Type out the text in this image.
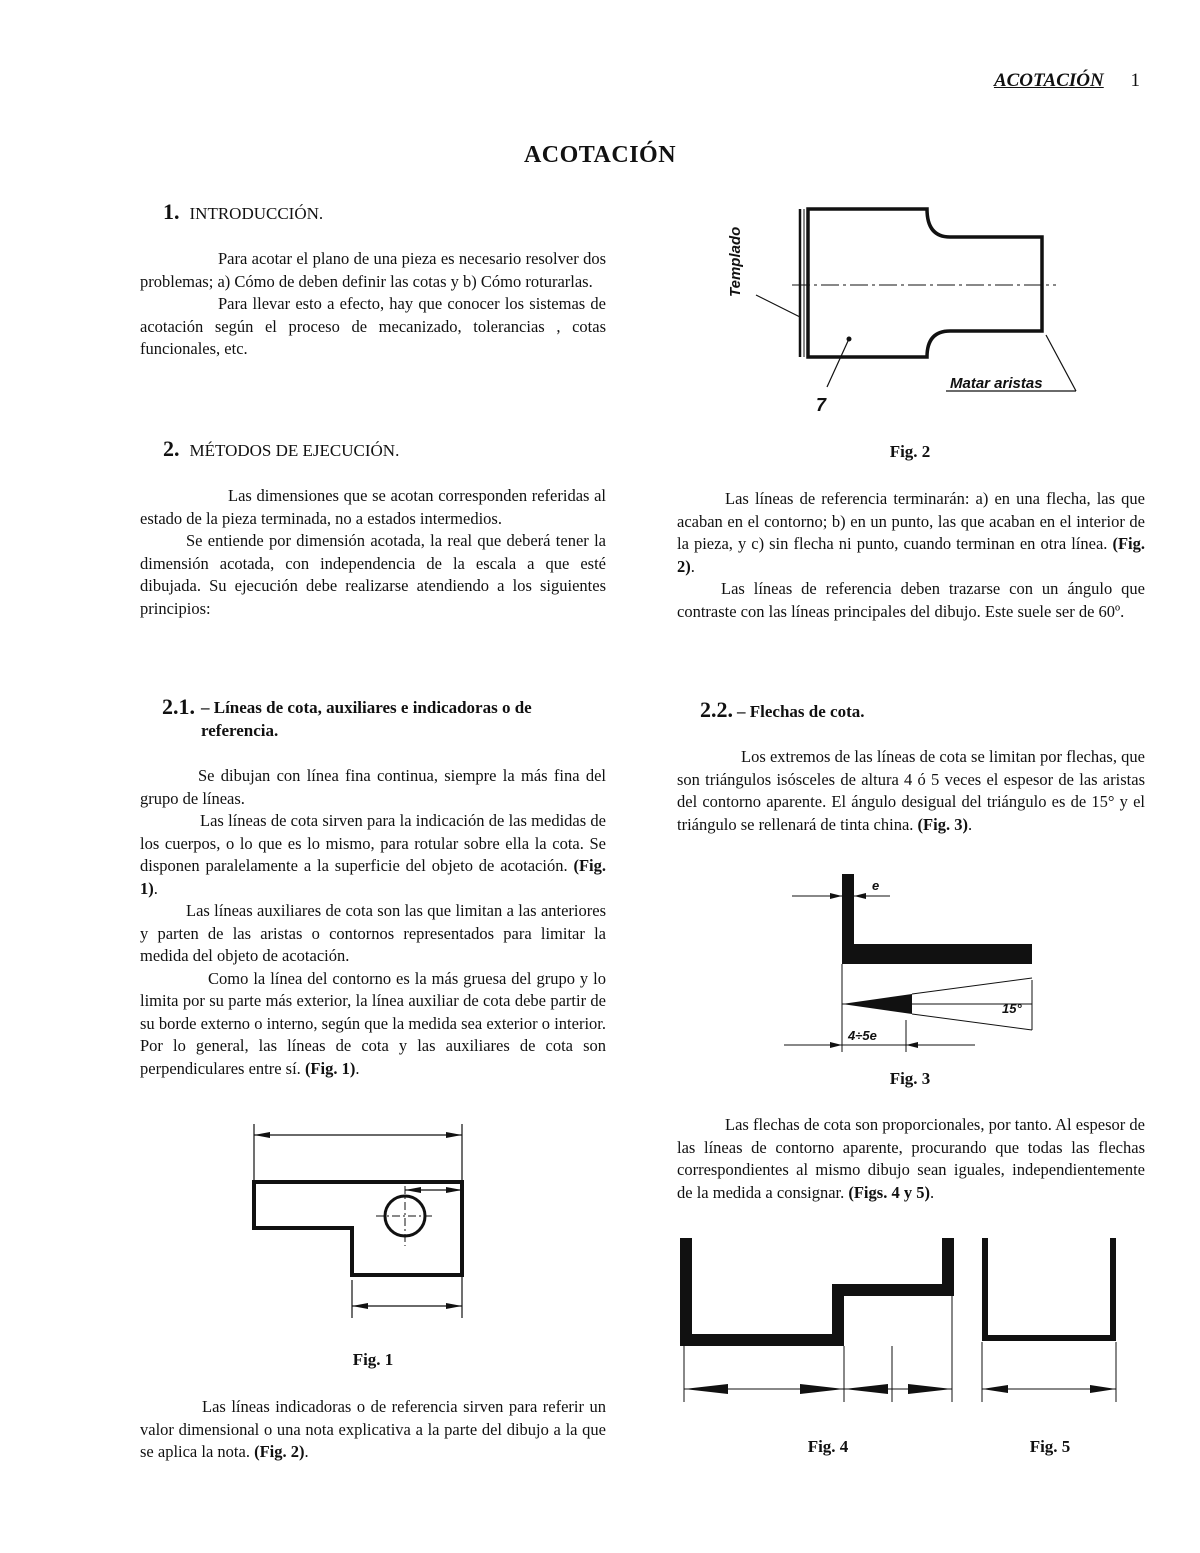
ACOTACIÓN 1
ACOTACIÓN
1. INTRODUCCIÓN.

Para acotar el plano de una pieza es necesario resolver dos problemas; a) Cómo de deben definir las cotas y b) Cómo roturarlas.

Para llevar esto a efecto, hay que conocer los sistemas de acotación según el proceso de mecanizado, tolerancias , cotas funcionales, etc.

2. MÉTODOS DE EJECUCIÓN.

Las dimensiones que se acotan corresponden referidas al estado de la pieza terminada, no a estados intermedios.

Se entiende por dimensión acotada, la real que deberá tener la dimensión acotada, con independencia de la escala a que esté dibujada. Su ejecución debe realizarse atendiendo a los siguientes principios:

2.1. – Líneas de cota, auxiliares e indicadoras o de referencia.

Se dibujan con línea fina continua, siempre la más fina del grupo de líneas.

Las líneas de cota sirven para la indicación de las medidas de los cuerpos, o lo que es lo mismo, para rotular sobre ella la cota. Se disponen paralelamente a la superficie del objeto de acotación. (Fig. 1).

Las líneas auxiliares de cota son las que limitan a las anteriores y parten de las aristas o contornos representados para limitar la medida del objeto de acotación.

Como la línea del contorno es la más gruesa del grupo y lo limita por su parte más exterior, la línea auxiliar de cota debe partir de su borde externo o interno, según que la medida sea exterior o interior. Por lo general, las líneas de cota y las auxiliares de cota son perpendiculares entre sí. (Fig. 1).

Fig. 1

Las líneas indicadoras o de referencia sirven para referir un valor dimensional o una nota explicativa a la parte del dibujo a la que se aplica la nota. (Fig. 2).

Templado
Matar aristas
7
Fig. 2

Las líneas de referencia terminarán: a) en una flecha, las que acaban en el contorno; b) en un punto, las que acaban en el interior de la pieza, y c) sin flecha ni punto, cuando terminan en otra línea. (Fig. 2).

Las líneas de referencia deben trazarse con un ángulo que contraste con las líneas principales del dibujo. Este suele ser de 60º.

2.2. – Flechas de cota.

Los extremos de las líneas de cota se limitan por flechas, que son triángulos isósceles de altura 4 ó 5 veces el espesor de las aristas del contorno aparente. El ángulo desigual del triángulo es de 15° y el triángulo se rellenará de tinta china. (Fig. 3).

e
15°
4÷5e
Fig. 3

Las flechas de cota son proporcionales, por tanto. Al espesor de las líneas de contorno aparente, procurando que todas las flechas correspondientes al mismo dibujo sean iguales, independientemente de la medida a consignar. (Figs. 4 y 5).

Fig. 4	Fig. 5
